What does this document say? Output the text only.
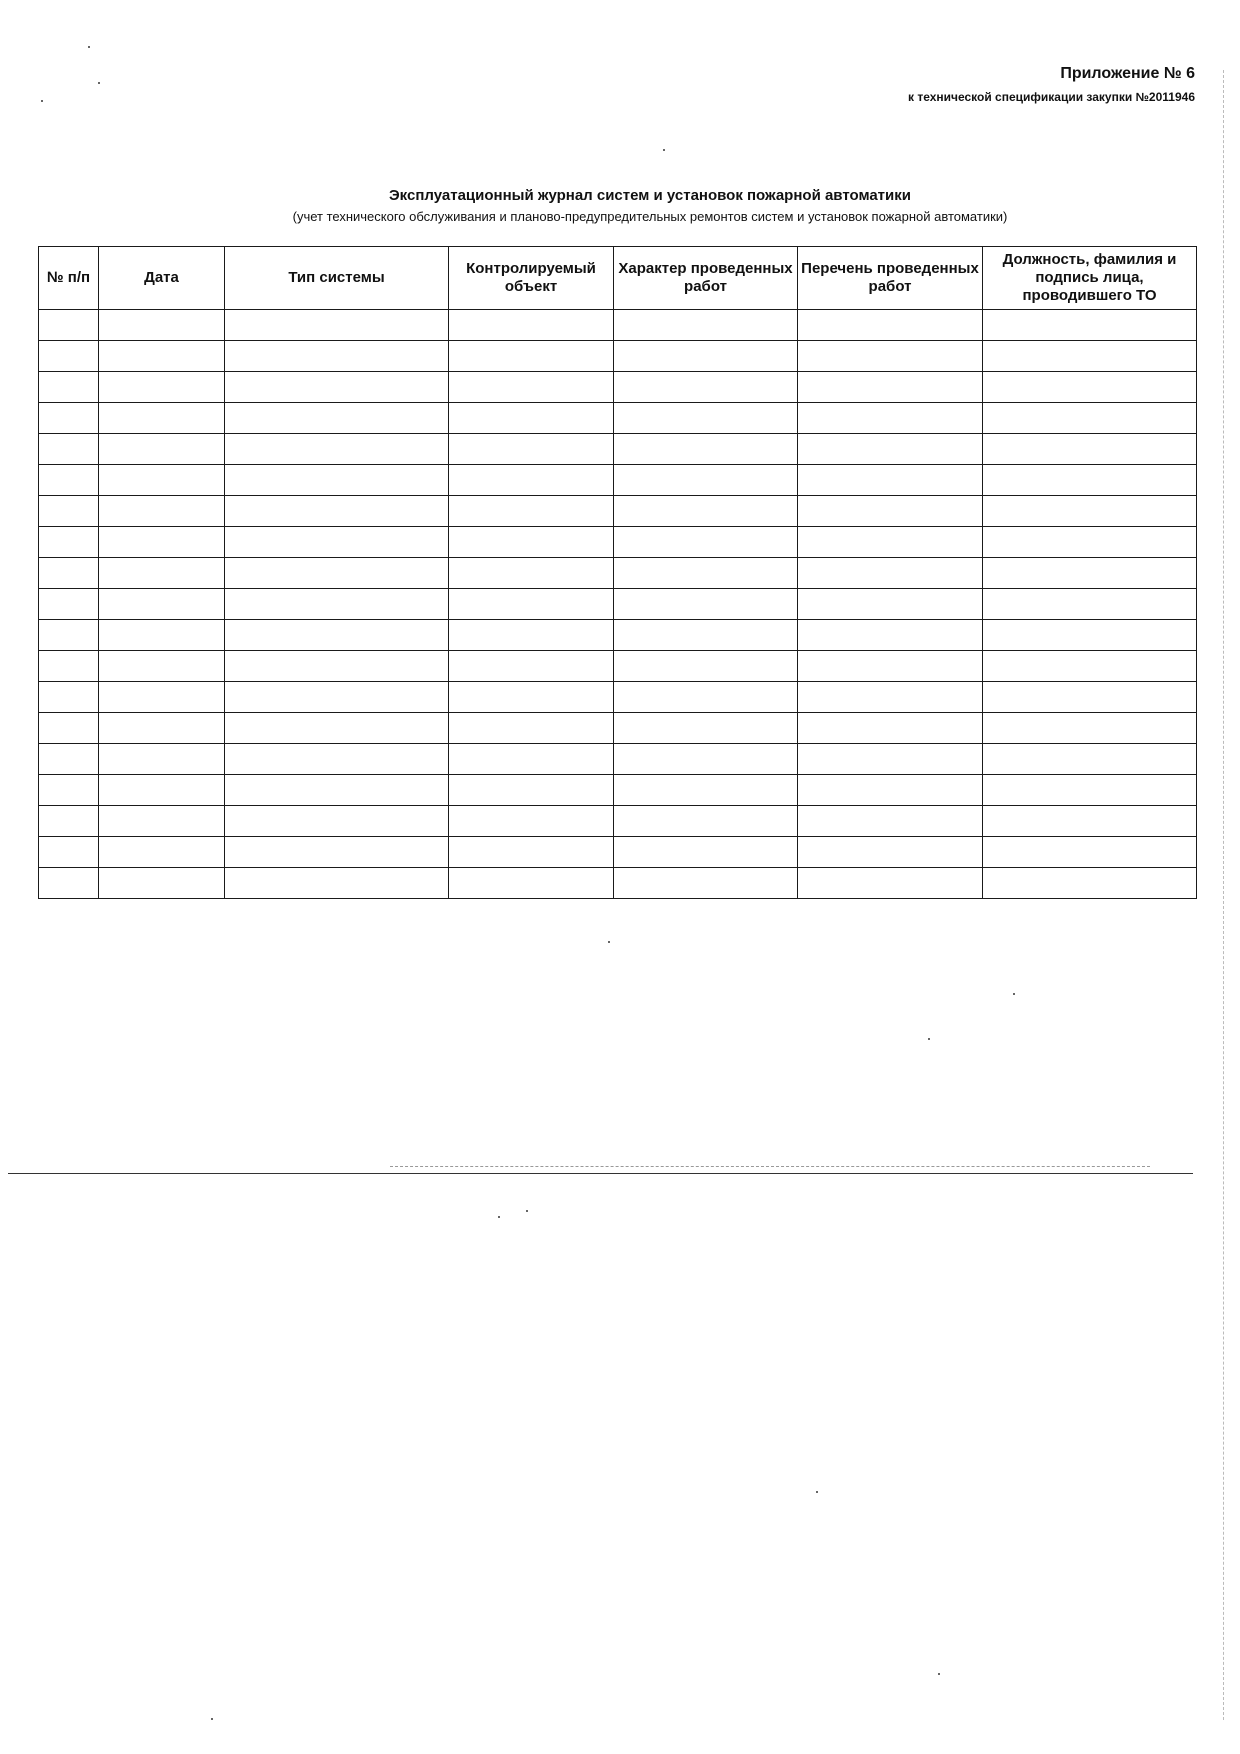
Приложение № 6
к технической спецификации закупки №2011946
Эксплуатационный журнал систем и установок пожарной автоматики
(учет технического обслуживания и планово-предупредительных ремонтов систем и установок пожарной автоматики)
№ п/п	Дата	Тип системы	Контролируемый объект	Характер проведенных работ	Перечень проведенных работ	Должность, фамилия и подпись лица, проводившего ТО
